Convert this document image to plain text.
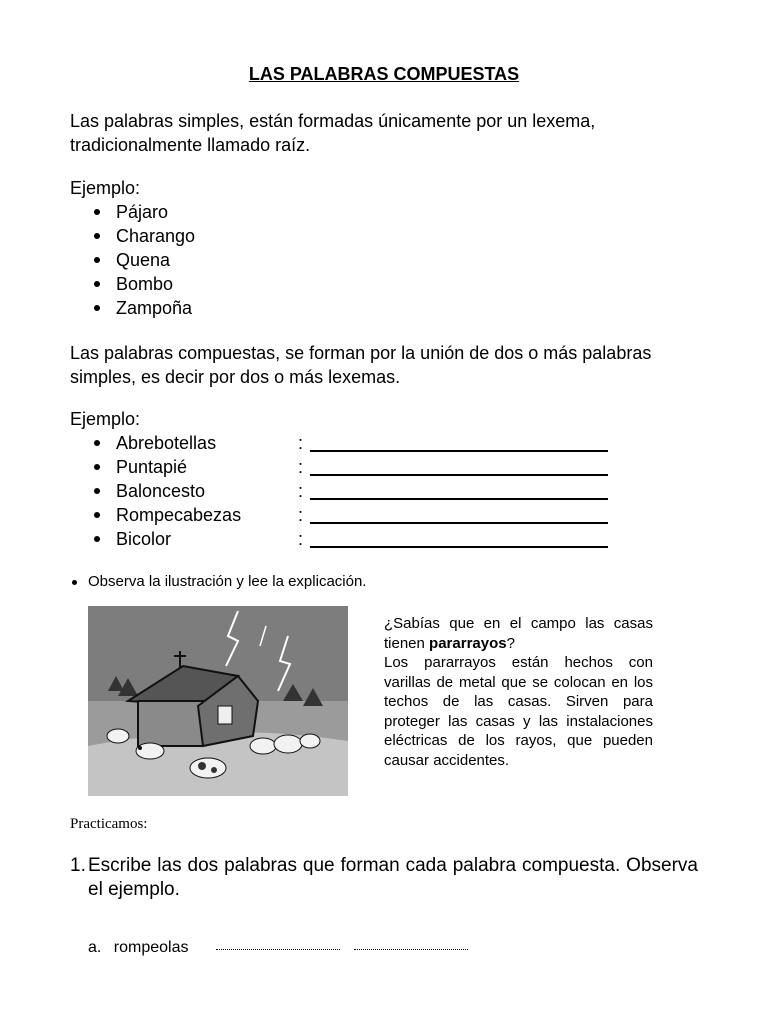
LAS PALABRAS COMPUESTAS
Las palabras simples, están formadas únicamente por un lexema, tradicionalmente llamado raíz.
Ejemplo:
Pájaro
Charango
Quena
Bombo
Zampoña
Las palabras compuestas, se forman por la unión de dos o más palabras simples, es decir por dos o más lexemas.
Ejemplo:
Abrebotellas	:
Puntapié	:
Baloncesto	:
Rompecabezas	:
Bicolor	:
Observa la ilustración y lee la explicación.
¿Sabías que en el campo las casas tienen pararrayos?
Los pararrayos están hechos con varillas de metal que se colocan en los techos de las casas. Sirven para proteger las casas y las instalaciones eléctricas de los rayos, que pueden causar accidentes.
Practicamos:
1. Escribe las dos palabras que forman cada palabra compuesta. Observa el ejemplo.
a. rompeolas
